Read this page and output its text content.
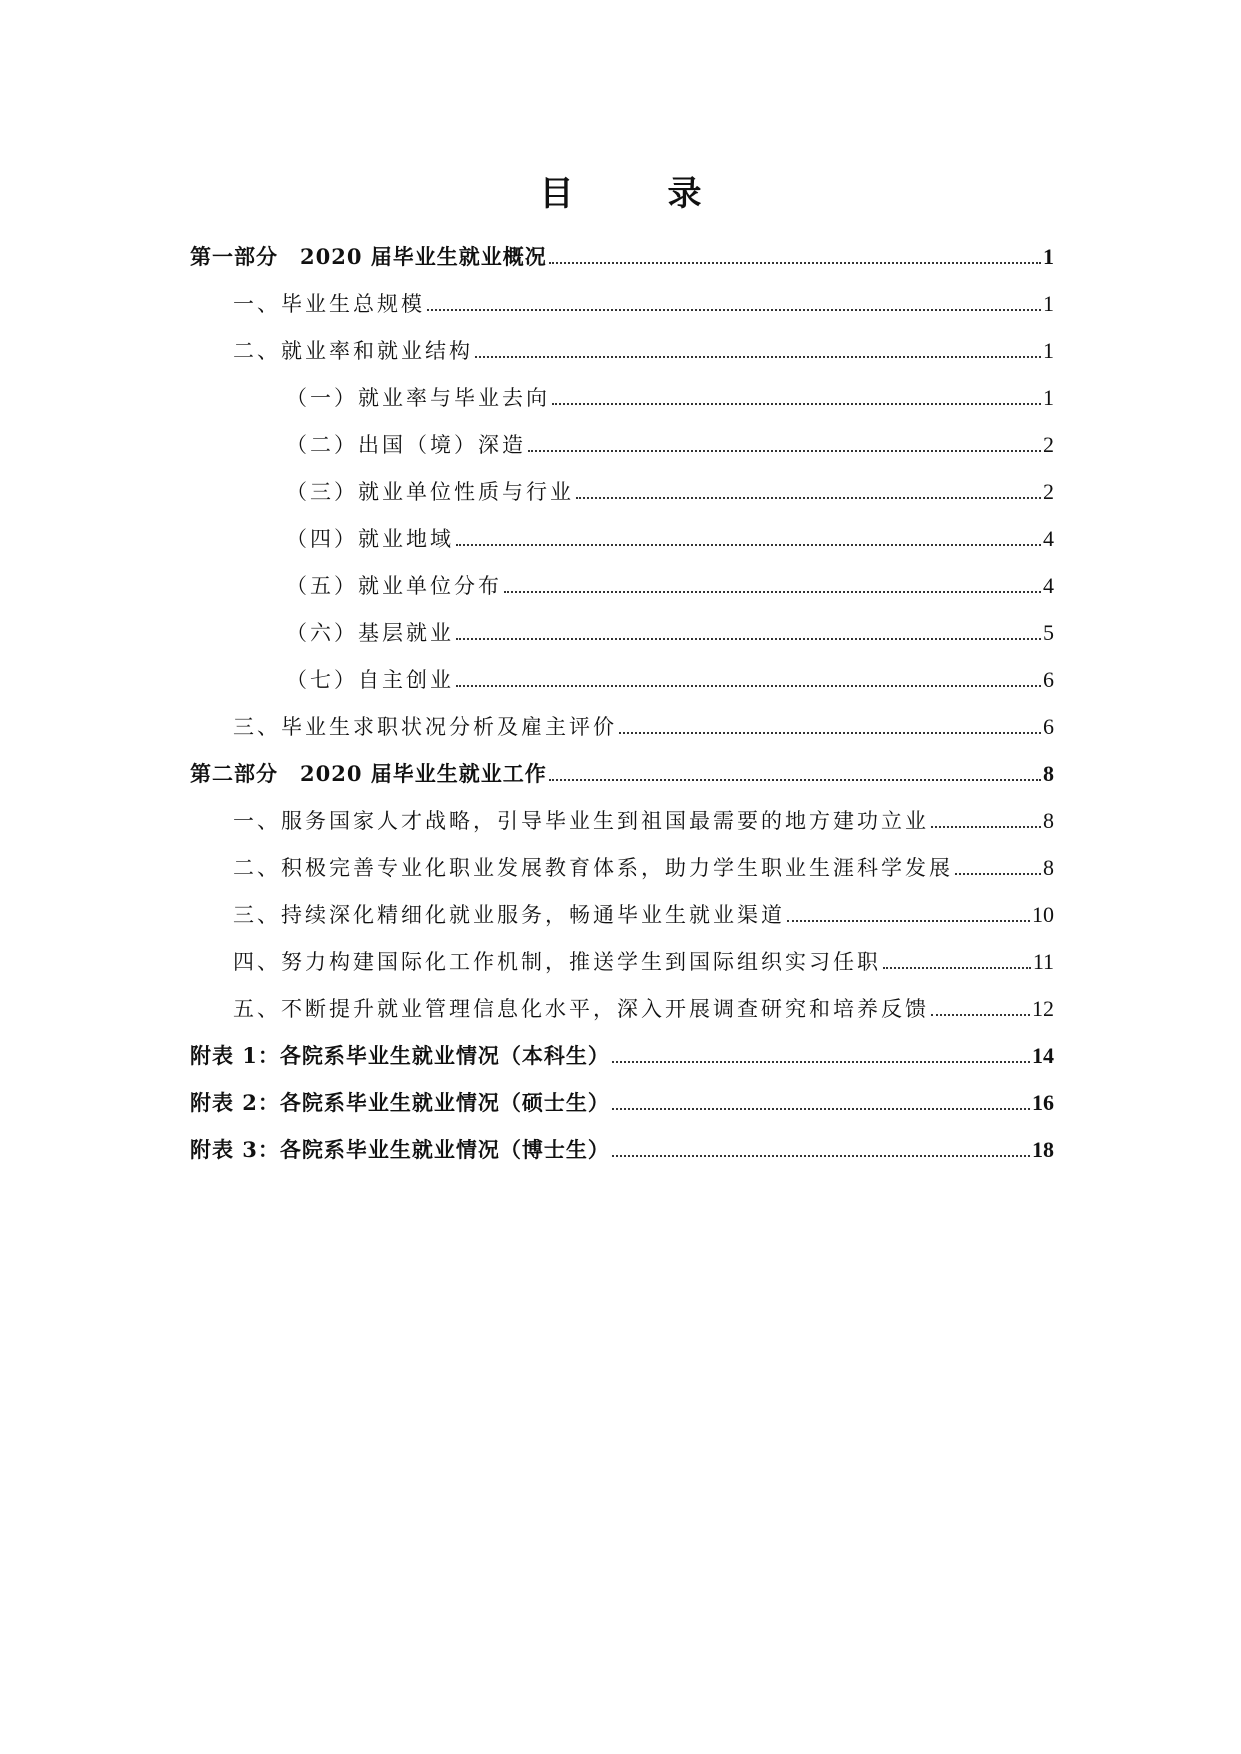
目　录
第一部分　2020 届毕业生就业概况	1
一、毕业生总规模	1
二、就业率和就业结构	1
（一）就业率与毕业去向	1
（二）出国（境）深造	2
（三）就业单位性质与行业	2
（四）就业地域	4
（五）就业单位分布	4
（六）基层就业	5
（七）自主创业	6
三、毕业生求职状况分析及雇主评价	6
第二部分　2020 届毕业生就业工作	8
一、服务国家人才战略，引导毕业生到祖国最需要的地方建功立业	8
二、积极完善专业化职业发展教育体系，助力学生职业生涯科学发展	8
三、持续深化精细化就业服务，畅通毕业生就业渠道	10
四、努力构建国际化工作机制，推送学生到国际组织实习任职	11
五、不断提升就业管理信息化水平，深入开展调查研究和培养反馈	12
附表 1：各院系毕业生就业情况（本科生）	14
附表 2：各院系毕业生就业情况（硕士生）	16
附表 3：各院系毕业生就业情况（博士生）	18
